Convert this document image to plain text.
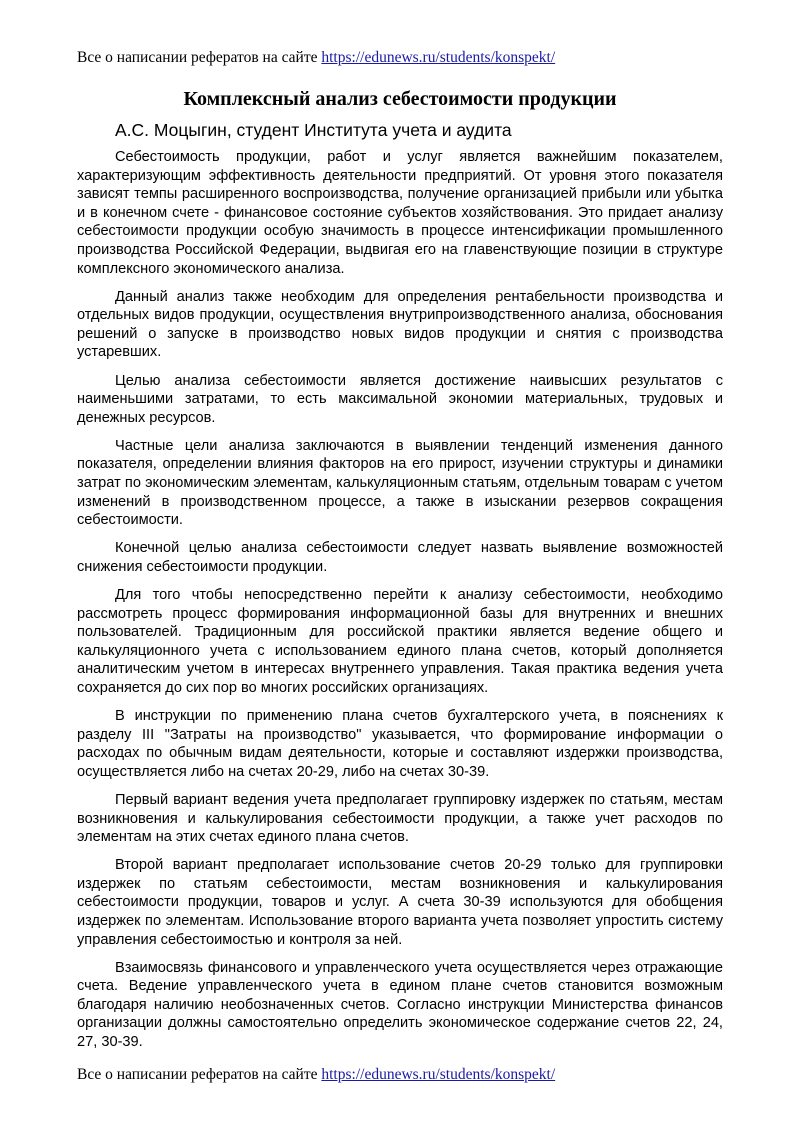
Все о написании рефератов на сайте https://edunews.ru/students/konspekt/
Комплексный анализ себестоимости продукции
А.С. Моцыгин, студент Института учета и аудита

Себестоимость продукции, работ и услуг является важнейшим показателем, характеризующим эффективность деятельности предприятий. От уровня этого показателя зависят темпы расширенного воспроизводства, получение организацией прибыли или убытка и в конечном счете - финансовое состояние субъектов хозяйствования. Это придает анализу себестоимости продукции особую значимость в процессе интенсификации промышленного производства Российской Федерации, выдвигая его на главенствующие позиции в структуре комплексного экономического анализа.

Данный анализ также необходим для определения рентабельности производства и отдельных видов продукции, осуществления внутрипроизводственного анализа, обоснования решений о запуске в производство новых видов продукции и снятия с производства устаревших.

Целью анализа себестоимости является достижение наивысших результатов с наименьшими затратами, то есть максимальной экономии материальных, трудовых и денежных ресурсов.

Частные цели анализа заключаются в выявлении тенденций изменения данного показателя, определении влияния факторов на его прирост, изучении структуры и динамики затрат по экономическим элементам, калькуляционным статьям, отдельным товарам с учетом изменений в производственном процессе, а также в изыскании резервов сокращения себестоимости.

Конечной целью анализа себестоимости следует назвать выявление возможностей снижения себестоимости продукции.

Для того чтобы непосредственно перейти к анализу себестоимости, необходимо рассмотреть процесс формирования информационной базы для внутренних и внешних пользователей. Традиционным для российской практики является ведение общего и калькуляционного учета с использованием единого плана счетов, который дополняется аналитическим учетом в интересах внутреннего управления. Такая практика ведения учета сохраняется до сих пор во многих российских организациях.

В инструкции по применению плана счетов бухгалтерского учета, в пояснениях к разделу III "Затраты на производство" указывается, что формирование информации о расходах по обычным видам деятельности, которые и составляют издержки производства, осуществляется либо на счетах 20-29, либо на счетах 30-39.

Первый вариант ведения учета предполагает группировку издержек по статьям, местам возникновения и калькулирования себестоимости продукции, а также учет расходов по элементам на этих счетах единого плана счетов.

Второй вариант предполагает использование счетов 20-29 только для группировки издержек по статьям себестоимости, местам возникновения и калькулирования себестоимости продукции, товаров и услуг. А счета 30-39 используются для обобщения издержек по элементам. Использование второго варианта учета позволяет упростить систему управления себестоимостью и контроля за ней.

Взаимосвязь финансового и управленческого учета осуществляется через отражающие счета. Ведение управленческого учета в едином плане счетов становится возможным благодаря наличию необозначенных счетов. Согласно инструкции Министерства финансов организации должны самостоятельно определить экономическое содержание счетов 22, 24, 27, 30-39.

Все о написании рефератов на сайте https://edunews.ru/students/konspekt/
